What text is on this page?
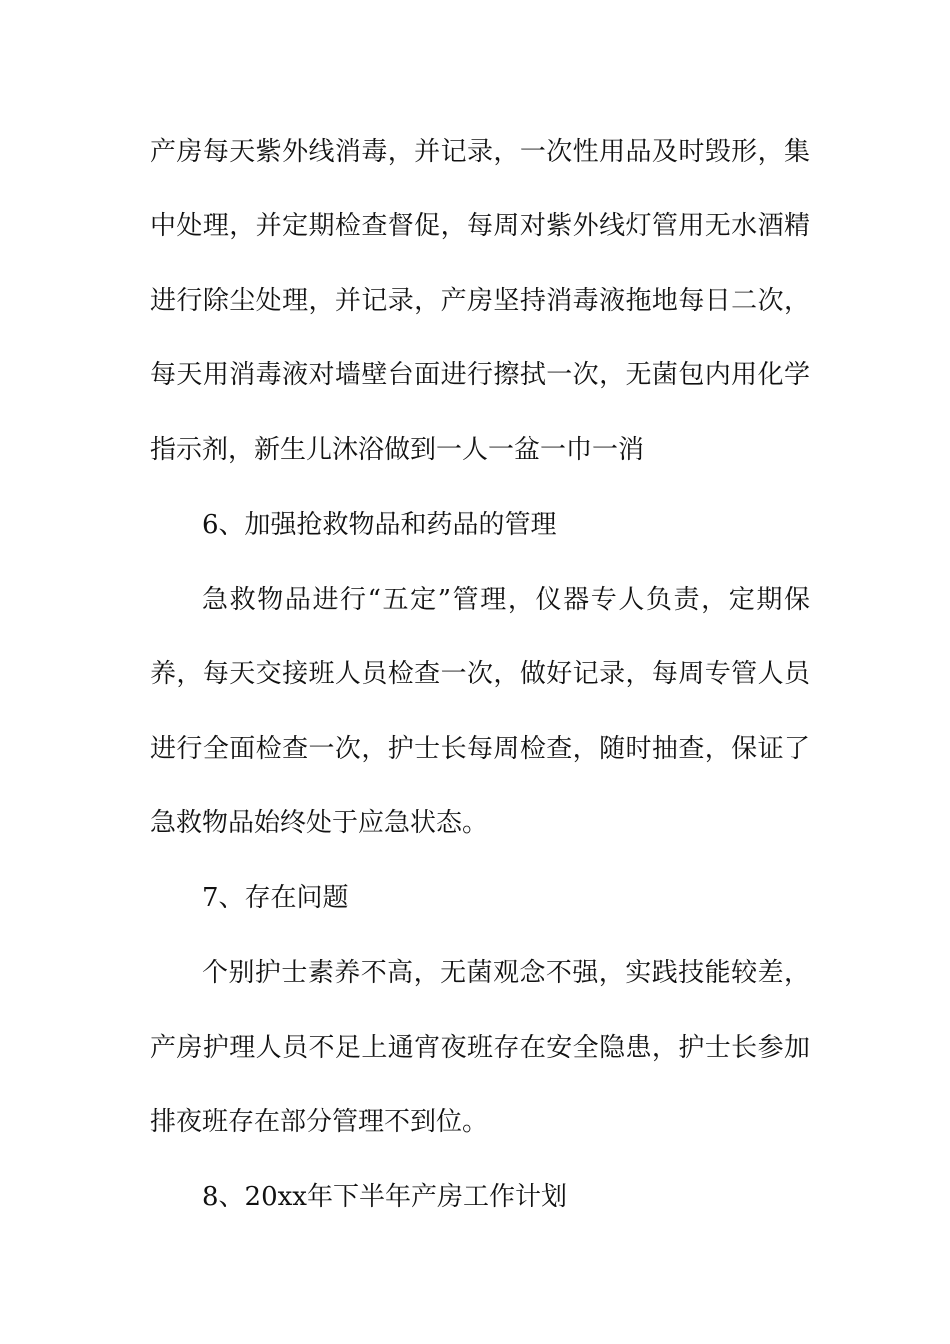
产房每天紫外线消毒，并记录，一次性用品及时毁形，集
中处理，并定期检查督促，每周对紫外线灯管用无水酒精
进行除尘处理，并记录，产房坚持消毒液拖地每日二次，
每天用消毒液对墙壁台面进行擦拭一次，无菌包内用化学
指示剂，新生儿沐浴做到一人一盆一巾一消
6、加强抢救物品和药品的管理
急救物品进行“五定”管理，仪器专人负责，定期保
养，每天交接班人员检查一次，做好记录，每周专管人员
进行全面检查一次，护士长每周检查，随时抽查，保证了
急救物品始终处于应急状态。
7、存在问题
个别护士素养不高，无菌观念不强，实践技能较差，
产房护理人员不足上通宵夜班存在安全隐患，护士长参加
排夜班存在部分管理不到位。
8、20xx年下半年产房工作计划
